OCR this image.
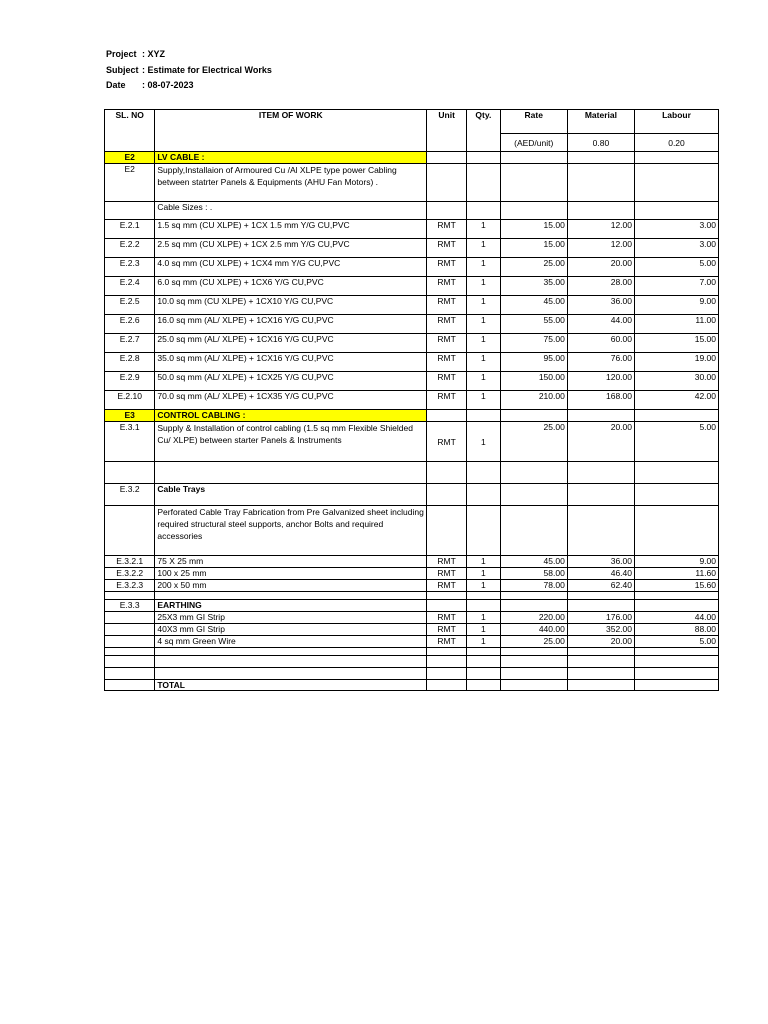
Project : XYZ
Subject : Estimate for Electrical Works
Date : 08-07-2023
SL. NO	ITEM OF WORK	Unit	Qty.	Rate	Material	Labour
				(AED/unit)	0.80	0.20
E2	LV CABLE :					
E2	Supply,Installaion of Armoured Cu /Al XLPE type power Cabling between statrter Panels & Equipments (AHU Fan Motors) .					
	Cable Sizes : .					
E.2.1	1.5 sq mm (CU XLPE) + 1CX 1.5 mm Y/G CU,PVC	RMT	1	15.00	12.00	3.00
E.2.2	2.5 sq mm (CU XLPE) + 1CX 2.5 mm Y/G CU,PVC	RMT	1	15.00	12.00	3.00
E.2.3	4.0 sq mm (CU XLPE) + 1CX4 mm Y/G CU,PVC	RMT	1	25.00	20.00	5.00
E.2.4	6.0 sq mm (CU XLPE) + 1CX6 Y/G CU,PVC	RMT	1	35.00	28.00	7.00
E.2.5	10.0 sq mm (CU XLPE) + 1CX10 Y/G CU,PVC	RMT	1	45.00	36.00	9.00
E.2.6	16.0 sq mm (AL/ XLPE) + 1CX16 Y/G CU,PVC	RMT	1	55.00	44.00	11.00
E.2.7	25.0 sq mm (AL/ XLPE) + 1CX16 Y/G CU,PVC	RMT	1	75.00	60.00	15.00
E.2.8	35.0 sq mm (AL/ XLPE) + 1CX16 Y/G CU,PVC	RMT	1	95.00	76.00	19.00
E.2.9	50.0 sq mm (AL/ XLPE) + 1CX25 Y/G CU,PVC	RMT	1	150.00	120.00	30.00
E.2.10	70.0 sq mm (AL/ XLPE) + 1CX35 Y/G CU,PVC	RMT	1	210.00	168.00	42.00
E3	CONTROL CABLING :					
E.3.1	Supply & Installation of control cabling (1.5 sq mm Flexible Shielded Cu/ XLPE) between starter Panels & Instruments	RMT	1	25.00	20.00	5.00

E.3.2	Cable Trays					
	Perforated Cable Tray Fabrication from Pre Galvanized sheet including required structural steel supports, anchor Bolts and required accessories					
E.3.2.1	75 X 25 mm	RMT	1	45.00	36.00	9.00
E.3.2.2	100 x 25 mm	RMT	1	58.00	46.40	11.60
E.3.2.3	200 x 50 mm	RMT	1	78.00	62.40	15.60

E.3.3	EARTHING					
	25X3 mm GI Strip	RMT	1	220.00	176.00	44.00
	40X3 mm GI Strip	RMT	1	440.00	352.00	88.00
	4 sq mm Green Wire	RMT	1	25.00	20.00	5.00

	TOTAL					
